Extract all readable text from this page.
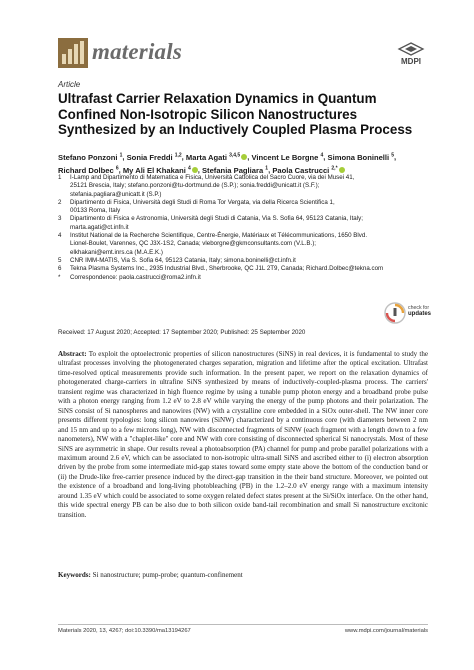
materials	MDPI
Article
Ultrafast Carrier Relaxation Dynamics in Quantum Confined Non-Isotropic Silicon Nanostructures Synthesized by an Inductively Coupled Plasma Process
Stefano Ponzoni $^1$, Sonia Freddi $^{1,2}$, Marta Agati $^{3,4,5}$ , Vincent Le Borgne $^4$, Simona Boninelli $^5$,
Richard Dolbec $^6$, My Ali El Khakani $^4$ , Stefania Pagliara $^1$, Paola Castrucci $^{2,*}$
1 I-Lamp and Dipartimento di Matematica e Fisica, Università Cattolica del Sacro Cuore, via dei Musei 41,
25121 Brescia, Italy; stefano.ponzoni@tu-dortmund.de (S.P.); sonia.freddi@unicatt.it (S.F.);
stefania.pagliara@unicatt.it (S.P.)
2 Dipartimento di Fisica, Università degli Studi di Roma Tor Vergata, via della Ricerca Scientifica 1,
00133 Roma, Italy
3 Dipartimento di Fisica e Astronomia, Università degli Studi di Catania, Via S. Sofia 64, 95123 Catania, Italy;
marta.agati@ct.infn.it
4 Institut National de la Recherche Scientifique, Centre-Énergie, Matériaux et Télécommunications, 1650 Blvd.
Lionel-Boulet, Varennes, QC J3X-1S2, Canada; vleborgne@gkmconsultants.com (V.L.B.);
elkhakani@emt.inrs.ca (M.A.E.K.)
5 CNR IMM-MATIS, Via S. Sofia 64, 95123 Catania, Italy; simona.boninelli@ct.infn.it
6 Tekna Plasma Systems Inc., 2935 Industrial Blvd., Sherbrooke, QC J1L 2T9, Canada; Richard.Dolbec@tekna.com
* Correspondence: paola.castrucci@roma2.infn.it
check for
updates
Received: 17 August 2020; Accepted: 17 September 2020; Published: 25 September 2020
Abstract: To exploit the optoelectronic properties of silicon nanostructures (SiNS) in real devices, it is fundamental to study the ultrafast processes involving the photogenerated charges separation, migration and lifetime after the optical excitation. Ultrafast time-resolved optical measurements provide such information. In the present paper, we report on the relaxation dynamics of photogenerated charge-carriers in ultrafine SiNS synthesized by means of inductively-coupled-plasma process. The carriers' transient regime was characterized in high fluence regime by using a tunable pump photon energy and a broadband probe pulse with a photon energy ranging from 1.2 eV to 2.8 eV while varying the energy of the pump photons and their polarization. The SiNS consist of Si nanospheres and nanowires (NW) with a crystalline core embedded in a SiOx outer-shell. The NW inner core presents different typologies: long silicon nanowires (SiNW) characterized by a continuous core (with diameters between 2 nm and 15 nm and up to a few microns long), NW with disconnected fragments of SiNW (each fragment with a length down to a few nanometers), NW with a "chaplet-like" core and NW with core consisting of disconnected spherical Si nanocrystals. Most of these SiNS are asymmetric in shape. Our results reveal a photoabsorption (PA) channel for pump and probe parallel polarizations with a maximum around 2.6 eV, which can be associated to non-isotropic ultra-small SiNS and ascribed either to (i) electron absorption driven by the probe from some intermediate mid-gap states toward some empty state above the bottom of the conduction band or (ii) the Drude-like free-carrier presence induced by the direct-gap transition in the their band structure. Moreover, we pointed out the existence of a broadband and long-living photobleaching (PB) in the 1.2–2.0 eV energy range with a maximum intensity around 1.35 eV which could be associated to some oxygen related defect states present at the Si/SiOx interface. On the other hand, this wide spectral energy PB can be also due to both silicon oxide band-tail recombination and small Si nanostructure excitonic transition.
Keywords: Si nanostructure; pump-probe; quantum-confinement
Materials 2020, 13, 4267; doi:10.3390/ma13194267	www.mdpi.com/journal/materials
